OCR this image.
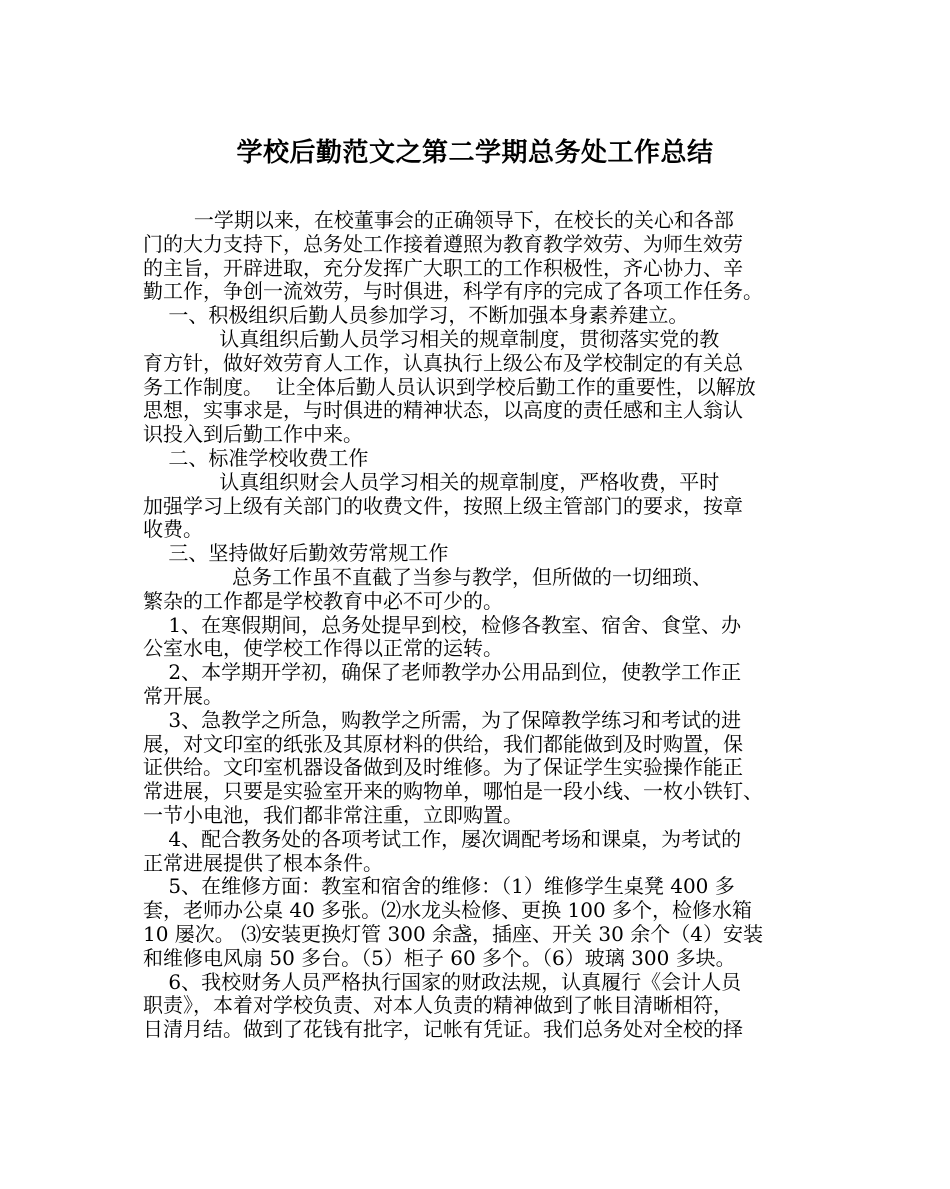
学校后勤范文之第二学期总务处工作总结
一学期以来，在校董事会的正确领导下，在校长的关心和各部
门的大力支持下，总务处工作接着遵照为教育教学效劳、为师生效劳
的主旨，开辟进取，充分发挥广大职工的工作积极性，齐心协力、辛
勤工作，争创一流效劳，与时俱进，科学有序的完成了各项工作任务。
一、积极组织后勤人员参加学习，不断加强本身素养建立。
认真组织后勤人员学习相关的规章制度，贯彻落实党的教
育方针，做好效劳育人工作，认真执行上级公布及学校制定的有关总
务工作制度。  让全体后勤人员认识到学校后勤工作的重要性，以解放
思想，实事求是，与时俱进的精神状态，以高度的责任感和主人翁认
识投入到后勤工作中来。
二、标准学校收费工作
认真组织财会人员学习相关的规章制度，严格收费，平时
加强学习上级有关部门的收费文件，按照上级主管部门的要求，按章
收费。
三、坚持做好后勤效劳常规工作
总务工作虽不直截了当参与教学，但所做的一切细琐、
繁杂的工作都是学校教育中必不可少的。
1、在寒假期间，总务处提早到校，检修各教室、宿舍、食堂、办
公室水电，使学校工作得以正常的运转。
2、本学期开学初，确保了老师教学办公用品到位，使教学工作正
常开展。
3、急教学之所急，购教学之所需，为了保障教学练习和考试的进
展，对文印室的纸张及其原材料的供给，我们都能做到及时购置，保
证供给。文印室机器设备做到及时维修。为了保证学生实验操作能正
常进展，只要是实验室开来的购物单，哪怕是一段小线、一枚小铁钉、
一节小电池，我们都非常注重，立即购置。
4、配合教务处的各项考试工作，屡次调配考场和课桌，为考试的
正常进展提供了根本条件。
5、在维修方面：教室和宿舍的维修：（1）维修学生桌凳 400 多
套，老师办公桌 40 多张。⑵水龙头检修、更换 100 多个，检修水箱
10 屡次。 ⑶安装更换灯管 300 余盏，插座、开关 30 余个（4）安装
和维修电风扇 50 多台。（5）柜子 60 多个。（6）玻璃 300 多块。
6、我校财务人员严格执行国家的财政法规，认真履行《会计人员
职责》，本着对学校负责、对本人负责的精神做到了帐目清晰相符，
日清月结。做到了花钱有批字，记帐有凭证。我们总务处对全校的择
